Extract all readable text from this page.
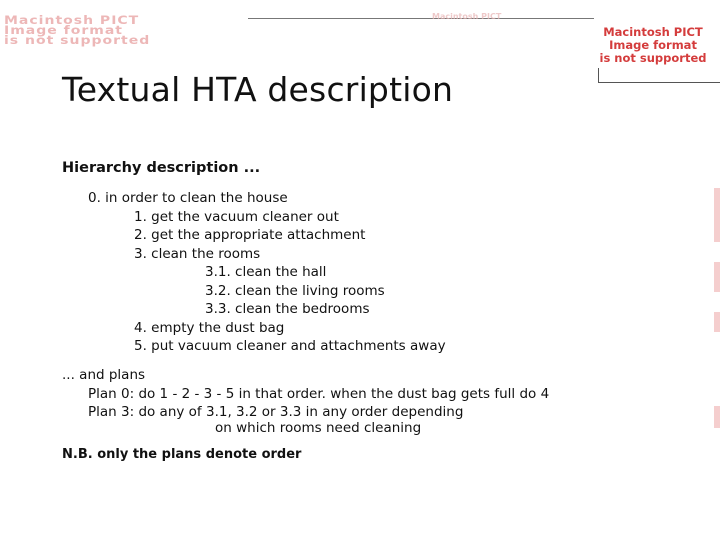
Macintosh PICT
Image format
is not supported
Macintosh PICT
Macintosh PICT
Image format
is not supported
Textual HTA description
Hierarchy description ...
0. in order to clean the house
1. get the vacuum cleaner out
2. get the appropriate attachment
3. clean the rooms
3.1. clean the hall
3.2. clean the living rooms
3.3. clean the bedrooms
4. empty the dust bag
5. put vacuum cleaner and attachments away
... and plans
Plan 0: do 1 - 2 - 3 - 5 in that order. when the dust bag gets full do 4
Plan 3: do any of 3.1, 3.2 or 3.3 in any order depending
on which rooms need cleaning
N.B. only the plans denote order
